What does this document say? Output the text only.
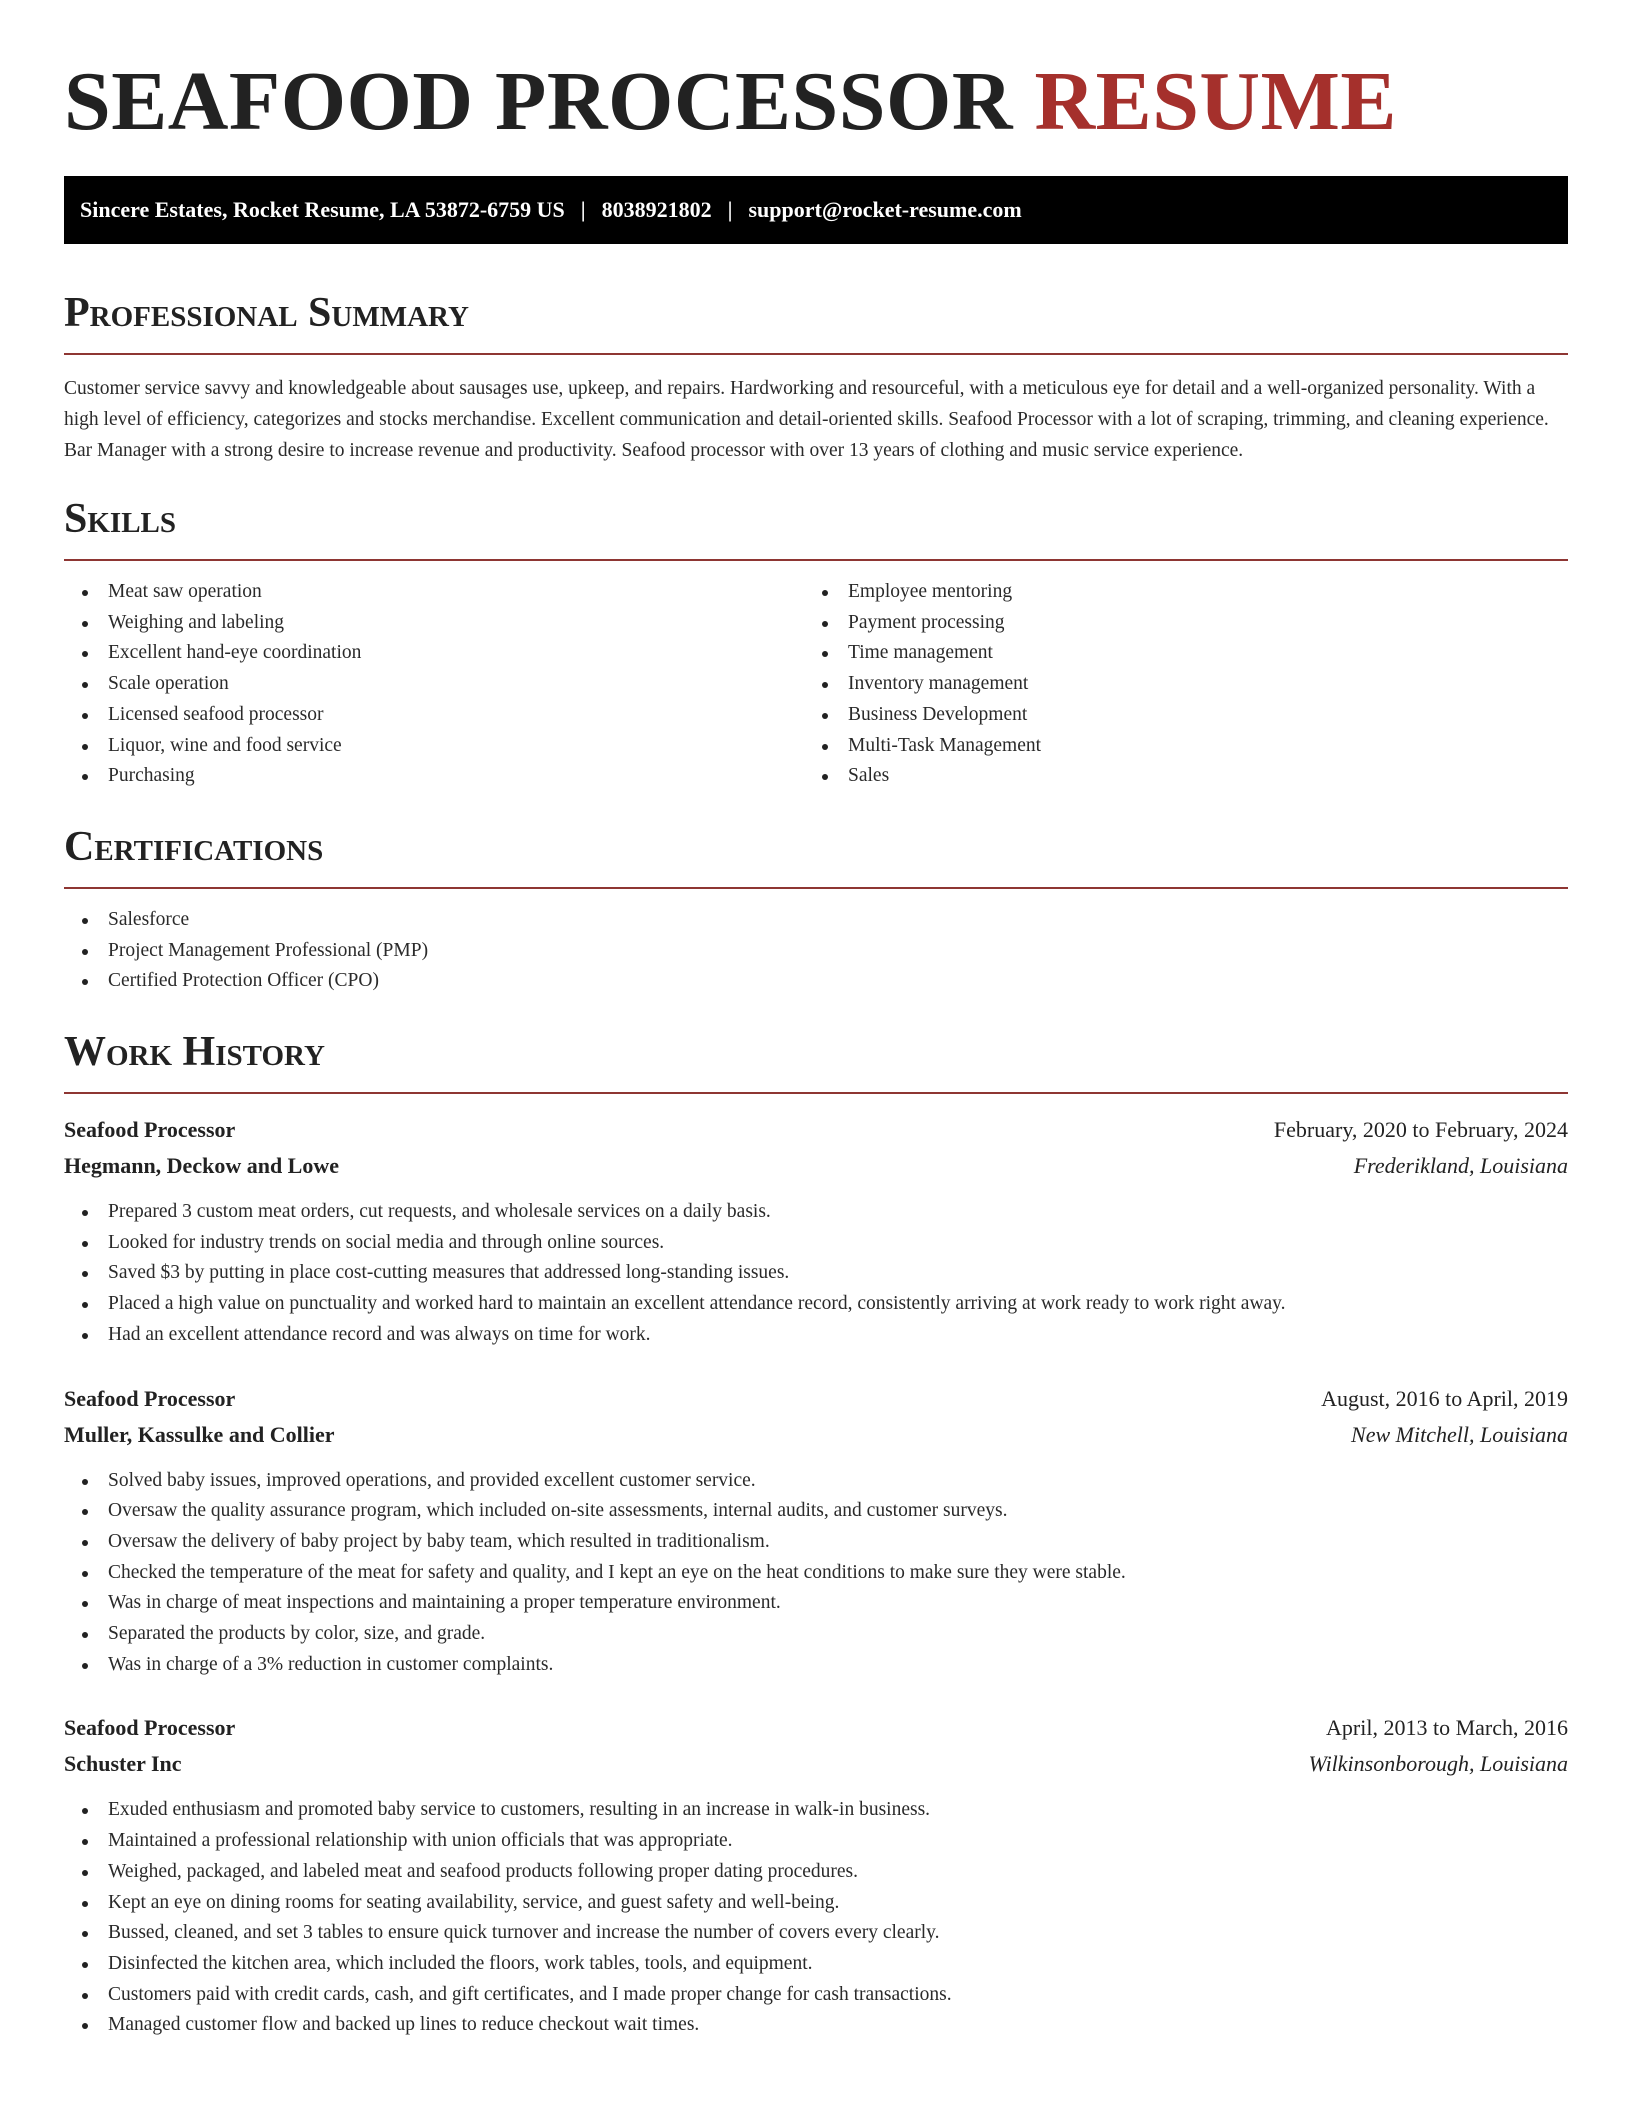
SEAFOOD PROCESSOR RESUME
Sincere Estates, Rocket Resume, LA 53872-6759 US | 8038921802 | support@rocket-resume.com
Professional Summary

Customer service savvy and knowledgeable about sausages use, upkeep, and repairs. Hardworking and resourceful, with a meticulous eye for detail and a well-organized personality. With a high level of efficiency, categorizes and stocks merchandise. Excellent communication and detail-oriented skills. Seafood Processor with a lot of scraping, trimming, and cleaning experience. Bar Manager with a strong desire to increase revenue and productivity. Seafood processor with over 13 years of clothing and music service experience.

Skills
Meat saw operation
Weighing and labeling
Excellent hand-eye coordination
Scale operation
Licensed seafood processor
Liquor, wine and food service
Purchasing
Employee mentoring
Payment processing
Time management
Inventory management
Business Development
Multi-Task Management
Sales
Certifications
Salesforce
Project Management Professional (PMP)
Certified Protection Officer (CPO)
Work History
Seafood Processor	February, 2020 to February, 2024
Hegmann, Deckow and Lowe	Frederikland, Louisiana
Prepared 3 custom meat orders, cut requests, and wholesale services on a daily basis.
Looked for industry trends on social media and through online sources.
Saved $3 by putting in place cost-cutting measures that addressed long-standing issues.
Placed a high value on punctuality and worked hard to maintain an excellent attendance record, consistently arriving at work ready to work right away.
Had an excellent attendance record and was always on time for work.
Seafood Processor	August, 2016 to April, 2019
Muller, Kassulke and Collier	New Mitchell, Louisiana
Solved baby issues, improved operations, and provided excellent customer service.
Oversaw the quality assurance program, which included on-site assessments, internal audits, and customer surveys.
Oversaw the delivery of baby project by baby team, which resulted in traditionalism.
Checked the temperature of the meat for safety and quality, and I kept an eye on the heat conditions to make sure they were stable.
Was in charge of meat inspections and maintaining a proper temperature environment.
Separated the products by color, size, and grade.
Was in charge of a 3% reduction in customer complaints.
Seafood Processor	April, 2013 to March, 2016
Schuster Inc	Wilkinsonborough, Louisiana
Exuded enthusiasm and promoted baby service to customers, resulting in an increase in walk-in business.
Maintained a professional relationship with union officials that was appropriate.
Weighed, packaged, and labeled meat and seafood products following proper dating procedures.
Kept an eye on dining rooms for seating availability, service, and guest safety and well-being.
Bussed, cleaned, and set 3 tables to ensure quick turnover and increase the number of covers every clearly.
Disinfected the kitchen area, which included the floors, work tables, tools, and equipment.
Customers paid with credit cards, cash, and gift certificates, and I made proper change for cash transactions.
Managed customer flow and backed up lines to reduce checkout wait times.
